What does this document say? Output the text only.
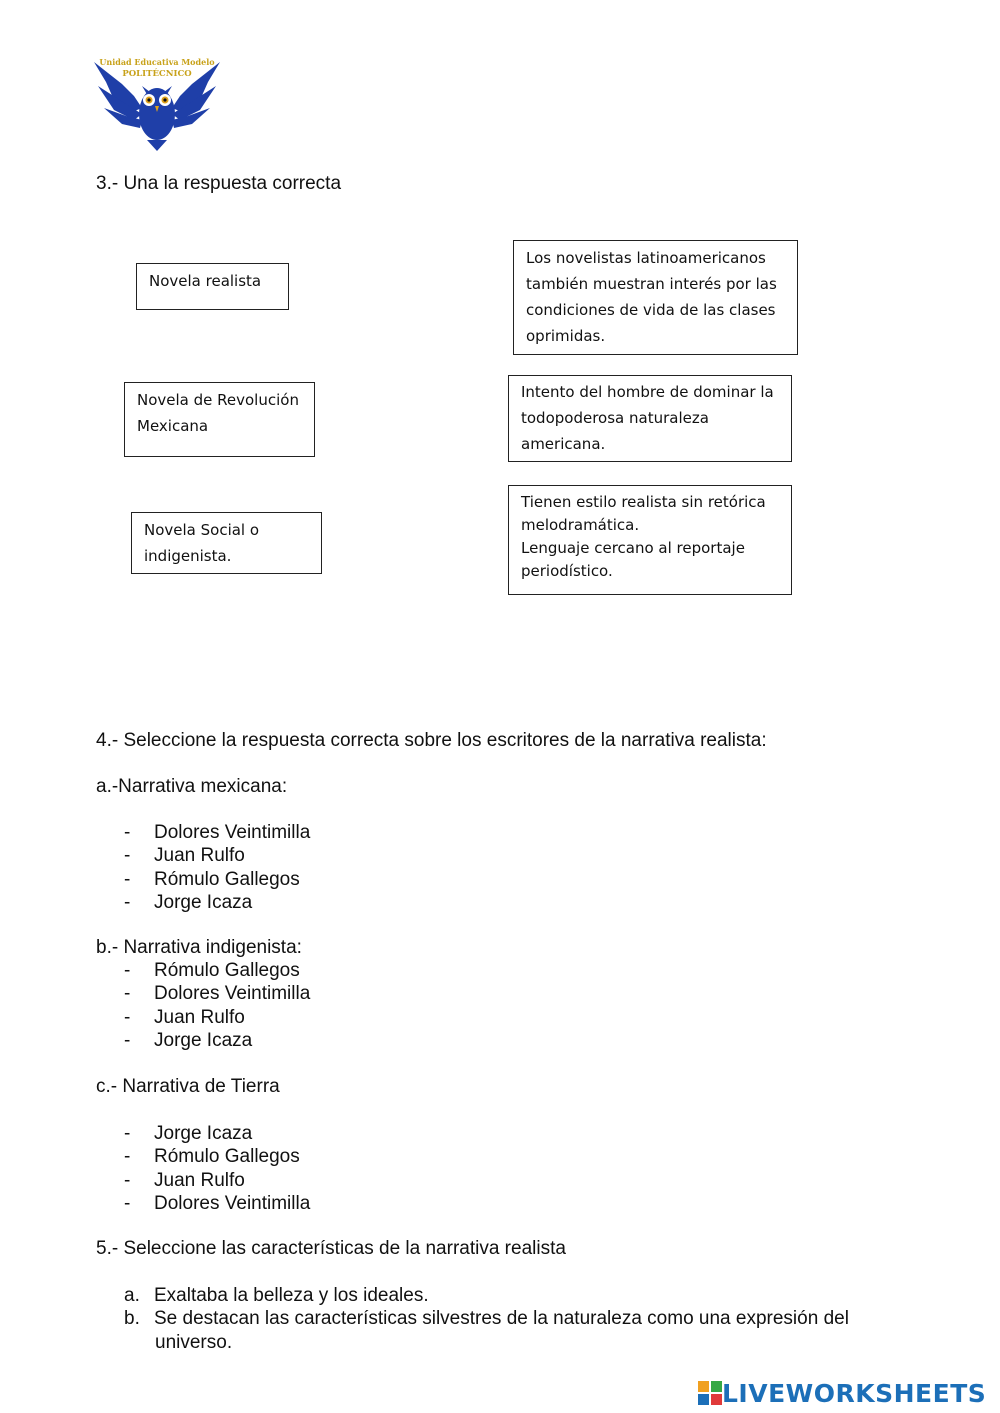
Unidad Educativa Modelo
POLITÉCNICO

3.- Una la respuesta correcta

Novela realista
Novela de Revolución Mexicana
Novela Social o indigenista.
Los novelistas latinoamericanos también muestran interés por las condiciones de vida de las clases oprimidas.
Intento del hombre de dominar la todopoderosa naturaleza americana.
Tienen estilo realista sin retórica melodramática.
Lenguaje cercano al reportaje periodístico.

4.- Seleccione la respuesta correcta sobre los escritores de la narrativa realista:

a.-Narrativa mexicana:

- Dolores Veintimilla
- Juan Rulfo
- Rómulo Gallegos
- Jorge Icaza

b.- Narrativa indigenista:

- Rómulo Gallegos
- Dolores Veintimilla
- Juan Rulfo
- Jorge Icaza

c.- Narrativa de Tierra

- Jorge Icaza
- Rómulo Gallegos
- Juan Rulfo
- Dolores Veintimilla

5.- Seleccione las características de la narrativa realista

a. Exaltaba la belleza y los ideales.
b. Se destacan las características silvestres de la naturaleza como una expresión del
universo.
LIVEWORKSHEETS
